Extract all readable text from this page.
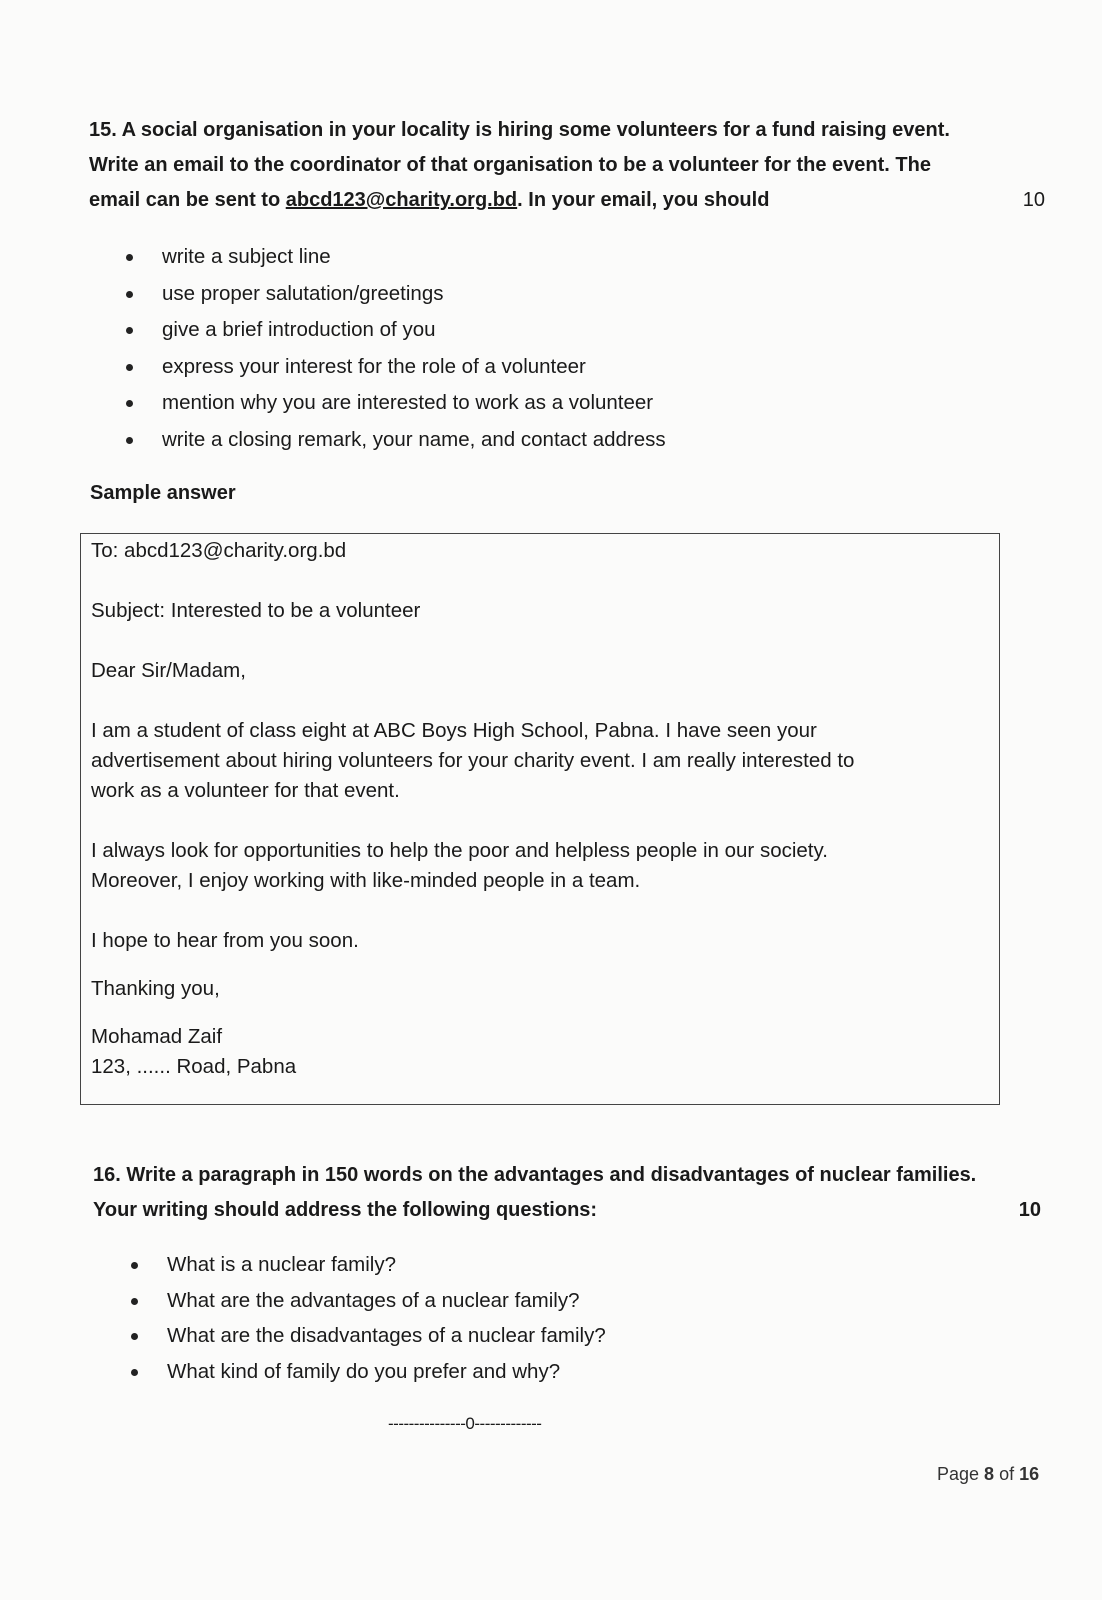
15. A social organisation in your locality is hiring some volunteers for a fund raising event.
Write an email to the coordinator of that organisation to be a volunteer for the event. The
email can be sent to abcd123@charity.org.bd. In your email, you should	10
write a subject line
use proper salutation/greetings
give a brief introduction of you
express your interest for the role of a volunteer
mention why you are interested to work as a volunteer
write a closing remark, your name, and contact address
Sample answer

To: abcd123@charity.org.bd

Subject: Interested to be a volunteer

Dear Sir/Madam,

I am a student of class eight at ABC Boys High School, Pabna. I have seen your
advertisement about hiring volunteers for your charity event. I am really interested to
work as a volunteer for that event.

I always look for opportunities to help the poor and helpless people in our society.
Moreover, I enjoy working with like-minded people in a team.

I hope to hear from you soon.

Thanking you,

Mohamad Zaif
123, ...... Road, Pabna

16. Write a paragraph in 150 words on the advantages and disadvantages of nuclear families.
Your writing should address the following questions:	10
What is a nuclear family?
What are the advantages of a nuclear family?
What are the disadvantages of a nuclear family?
What kind of family do you prefer and why?
---------------0-------------
Page 8 of 16
